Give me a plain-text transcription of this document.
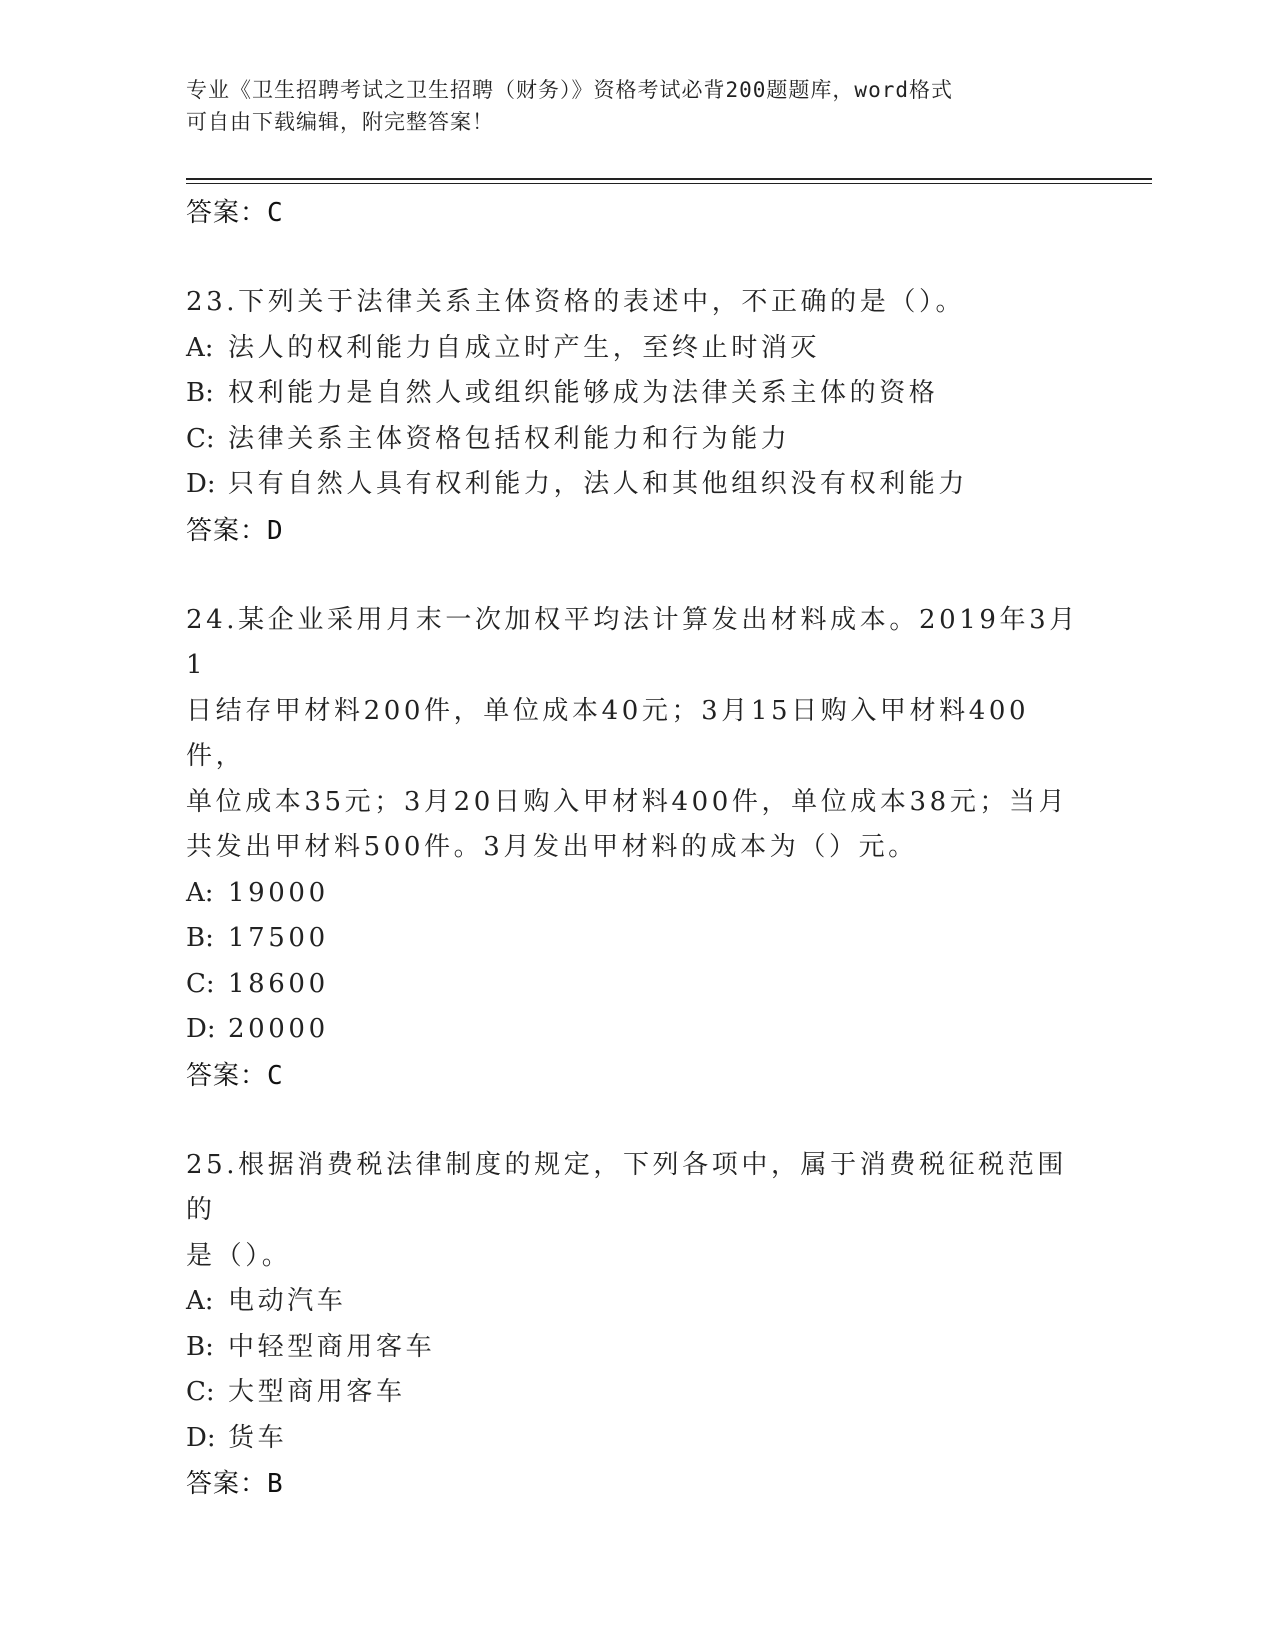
专业《卫生招聘考试之卫生招聘（财务）》资格考试必背200题题库，word格式
可自由下载编辑，附完整答案！
答案：C
23.下列关于法律关系主体资格的表述中，不正确的是（）。
A: 法人的权利能力自成立时产生，至终止时消灭
B: 权利能力是自然人或组织能够成为法律关系主体的资格
C: 法律关系主体资格包括权利能力和行为能力
D: 只有自然人具有权利能力，法人和其他组织没有权利能力
答案：D
24.某企业采用月末一次加权平均法计算发出材料成本。2019年3月1
日结存甲材料200件，单位成本40元；3月15日购入甲材料400件，
单位成本35元；3月20日购入甲材料400件，单位成本38元；当月
共发出甲材料500件。3月发出甲材料的成本为（）元。
A: 19000
B: 17500
C: 18600
D: 20000
答案：C
25.根据消费税法律制度的规定，下列各项中，属于消费税征税范围的
是（）。
A: 电动汽车
B: 中轻型商用客车
C: 大型商用客车
D: 货车
答案：B
